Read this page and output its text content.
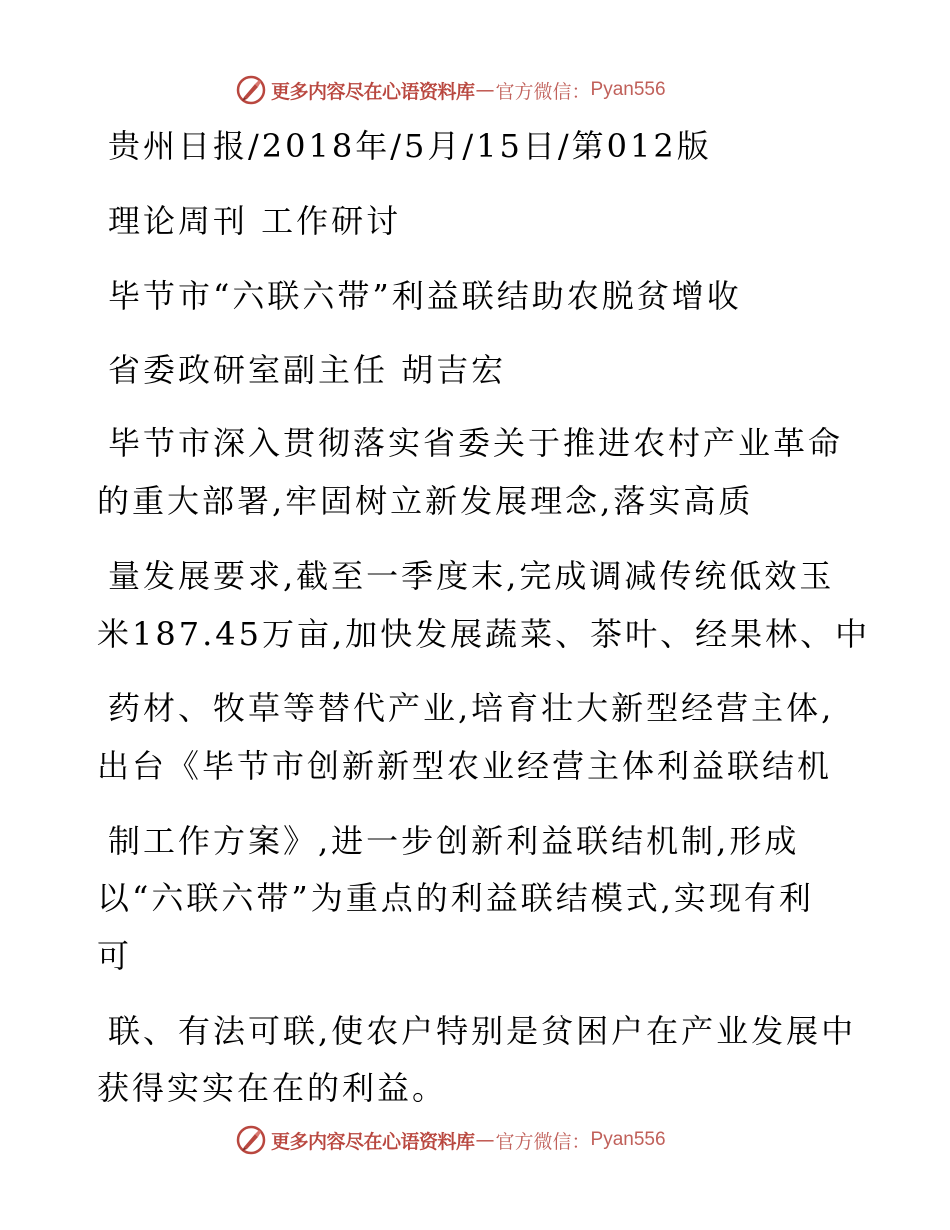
更多内容尽在心语资料库 — 官方微信： Pyan556
贵州日报/2018年/5月/15日/第012版
理论周刊 工作研讨
毕节市“六联六带”利益联结助农脱贫增收
省委政研室副主任 胡吉宏
毕节市深入贯彻落实省委关于推进农村产业革命
的重大部署,牢固树立新发展理念,落实高质
量发展要求,截至一季度末,完成调减传统低效玉
米187.45万亩,加快发展蔬菜、茶叶、经果林、中
药材、牧草等替代产业,培育壮大新型经营主体,
出台《毕节市创新新型农业经营主体利益联结机
制工作方案》,进一步创新利益联结机制,形成
以“六联六带”为重点的利益联结模式,实现有利
可
联、有法可联,使农户特别是贫困户在产业发展中
获得实实在在的利益。
更多内容尽在心语资料库 — 官方微信： Pyan556
